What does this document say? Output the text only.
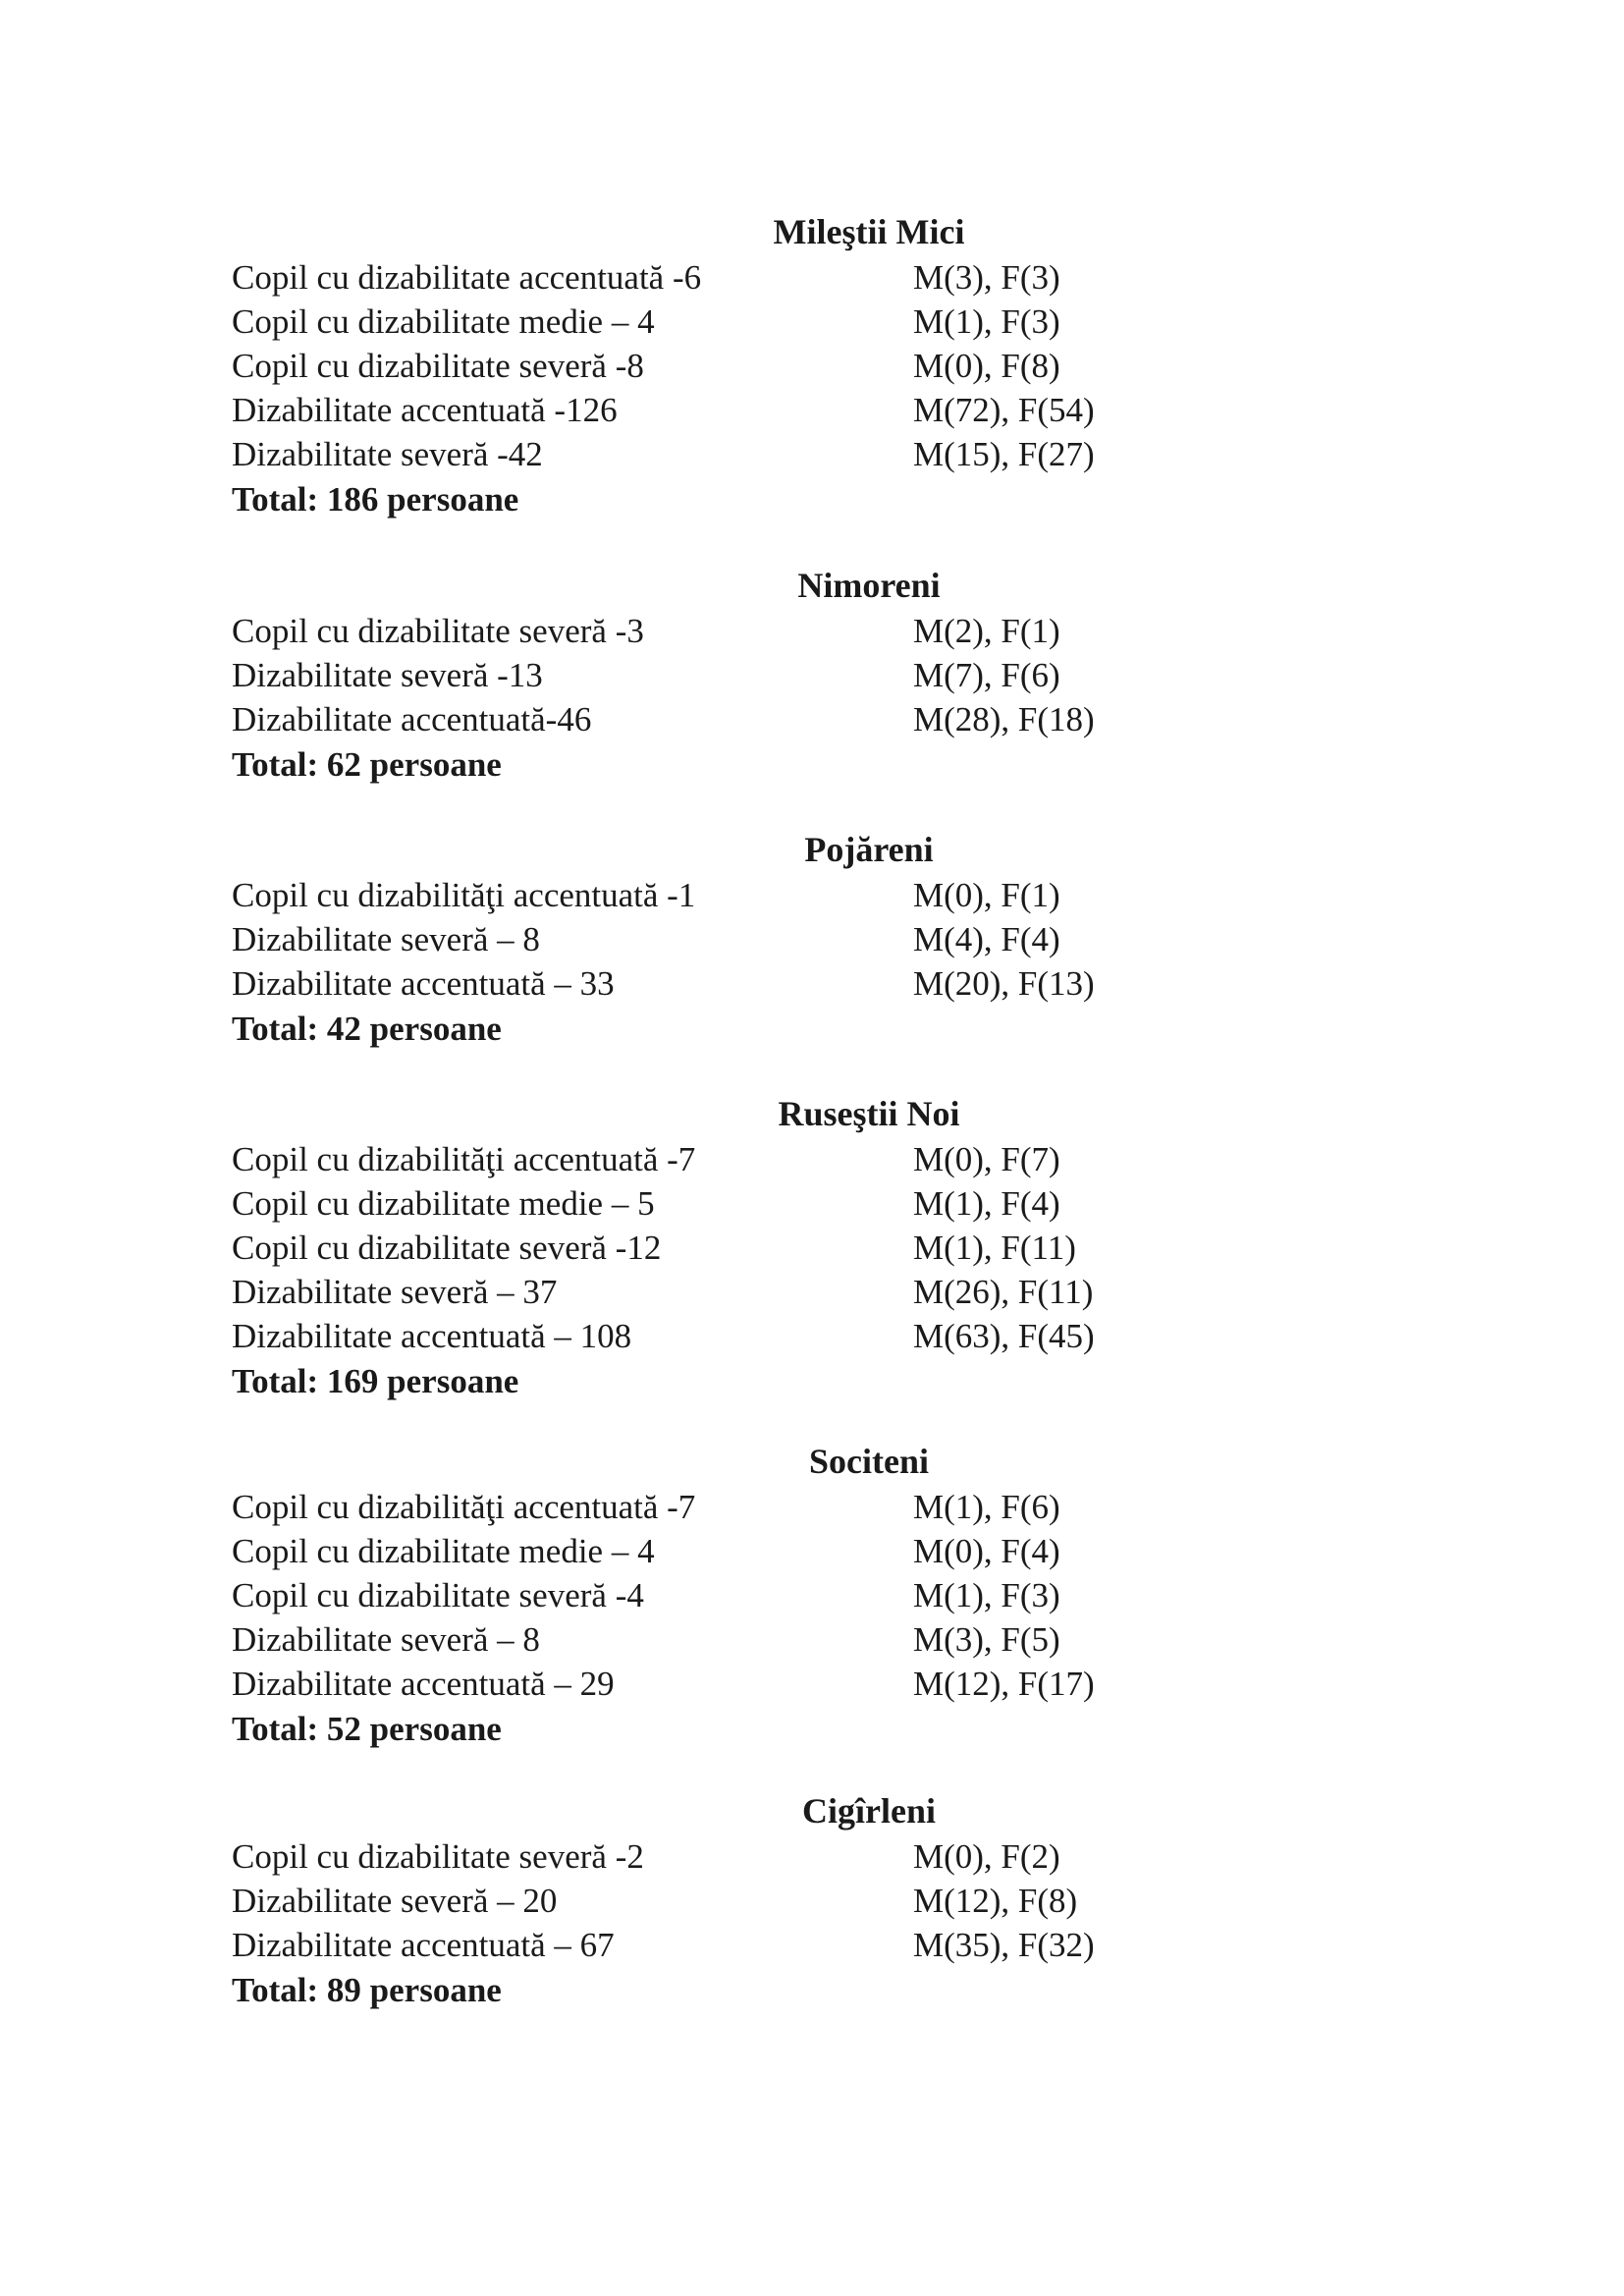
Mileştii Mici
Copil cu dizabilitate accentuată -6	M(3), F(3)
Copil cu dizabilitate medie – 4	M(1), F(3)
Copil cu dizabilitate severă -8	M(0), F(8)
Dizabilitate accentuată -126	M(72), F(54)
Dizabilitate severă -42	M(15), F(27)
Total: 186 persoane
Nimoreni
Copil cu dizabilitate severă -3	M(2), F(1)
Dizabilitate severă -13	M(7), F(6)
Dizabilitate accentuată-46	M(28), F(18)
Total: 62 persoane
Pojăreni
Copil cu dizabilităţi accentuată -1	M(0), F(1)
Dizabilitate severă – 8	M(4), F(4)
Dizabilitate accentuată – 33	M(20), F(13)
Total: 42 persoane
Ruseştii Noi
Copil cu dizabilităţi accentuată -7	M(0), F(7)
Copil cu dizabilitate medie – 5	M(1), F(4)
Copil cu dizabilitate severă -12	M(1), F(11)
Dizabilitate severă – 37	M(26), F(11)
Dizabilitate accentuată – 108	M(63), F(45)
Total: 169 persoane
Sociteni
Copil cu dizabilităţi accentuată -7	M(1), F(6)
Copil cu dizabilitate medie – 4	M(0), F(4)
Copil cu dizabilitate severă -4	M(1), F(3)
Dizabilitate severă – 8	M(3), F(5)
Dizabilitate accentuată – 29	M(12), F(17)
Total: 52 persoane
Cigîrleni
Copil cu dizabilitate severă -2	M(0), F(2)
Dizabilitate severă – 20	M(12), F(8)
Dizabilitate accentuată – 67	M(35), F(32)
Total: 89 persoane
